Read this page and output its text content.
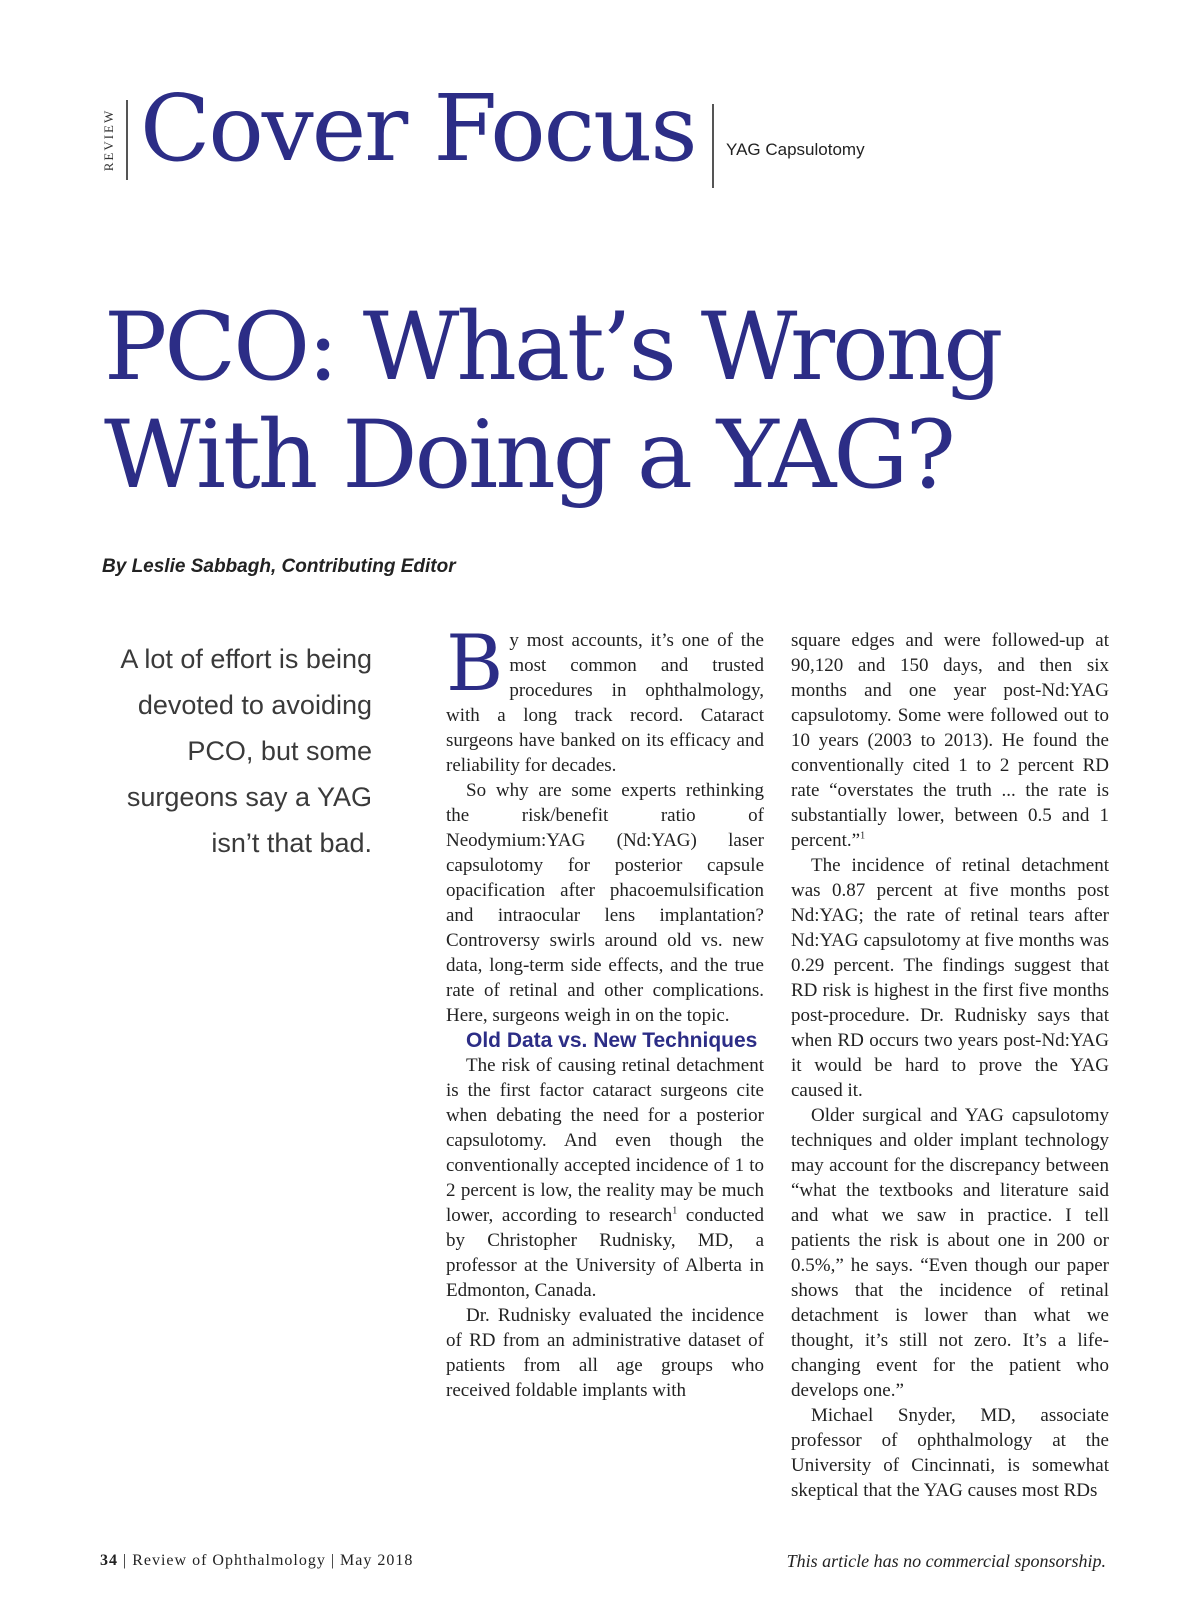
REVIEW Cover Focus YAG Capsulotomy
PCO: What’s Wrong
With Doing a YAG?
By Leslie Sabbagh, Contributing Editor
A lot of effort is being devoted to avoiding PCO, but some surgeons say a YAG isn’t that bad.

By most accounts, it’s one of the most common and trusted procedures in ophthalmology, with a long track record. Cataract surgeons have banked on its efficacy and reliability for decades.

So why are some experts rethinking the risk/benefit ratio of Neodymium:YAG (Nd:YAG) laser capsulotomy for posterior capsule opacification after phacoemulsification and intraocular lens implantation? Controversy swirls around old vs. new data, long-term side effects, and the true rate of retinal and other complications. Here, surgeons weigh in on the topic.

Old Data vs. New Techniques

The risk of causing retinal detachment is the first factor cataract surgeons cite when debating the need for a posterior capsulotomy. And even though the conventionally accepted incidence of 1 to 2 percent is low, the reality may be much lower, according to research$^1$ conducted by Christopher Rudnisky, MD, a professor at the University of Alberta in Edmonton, Canada.

Dr. Rudnisky evaluated the incidence of RD from an administrative dataset of patients from all age groups who received foldable implants with

square edges and were followed-up at 90,120 and 150 days, and then six months and one year post-Nd:YAG capsulotomy. Some were followed out to 10 years (2003 to 2013). He found the conventionally cited 1 to 2 percent RD rate “overstates the truth ... the rate is substantially lower, between 0.5 and 1 percent.”$^1$

The incidence of retinal detachment was 0.87 percent at five months post Nd:YAG; the rate of retinal tears after Nd:YAG capsulotomy at five months was 0.29 percent. The findings suggest that RD risk is highest in the first five months post-procedure. Dr. Rudnisky says that when RD occurs two years post-Nd:YAG it would be hard to prove the YAG caused it.

Older surgical and YAG capsulotomy techniques and older implant technology may account for the discrepancy between “what the textbooks and literature said and what we saw in practice. I tell patients the risk is about one in 200 or 0.5%,” he says. “Even though our paper shows that the incidence of retinal detachment is lower than what we thought, it’s still not zero. It’s a life-changing event for the patient who develops one.”

Michael Snyder, MD, associate professor of ophthalmology at the University of Cincinnati, is somewhat skeptical that the YAG causes most RDs

34 | Review of Ophthalmology | May 2018	This article has no commercial sponsorship.
